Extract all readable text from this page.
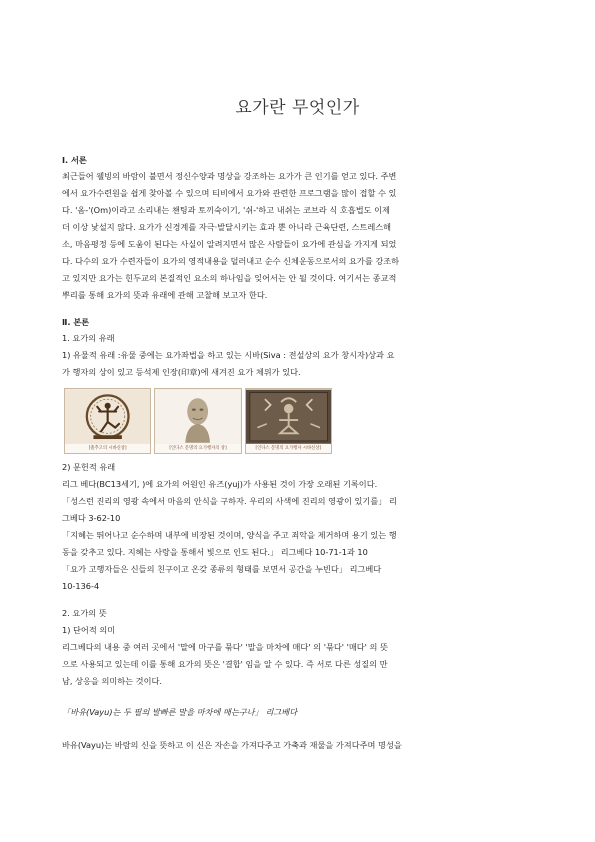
요가란 무엇인가
Ⅰ. 서론
최근들어 웰빙의 바람이 불면서 정신수양과 명상을 강조하는 요가가 큰 인기를 얻고 있다. 주변
에서 요가수련원을 쉽게 찾아볼 수 있으며 티비에서 요가와 관련한 프로그램을 많이 접할 수 있
다. '옴-'(Om)이라고 소리내는 챈팅과 토끼숙이기, '쉬-'하고 내쉬는 코브라 식 호흡법도 이제
더 이상 낯설지 않다. 요가가 신경계를 자극·발달시키는 효과 뿐 아니라 근육단련, 스트레스해
소, 마음평정 등에 도움이 된다는 사실이 알려지면서 많은 사람들이 요가에 관심을 가지게 되었
다. 다수의 요가 수련자들이 요가의 영적내용을 덜러내고 순수 신체운동으로서의 요가를 강조하
고 있지만 요가는 힌두교의 본질적인 요소의 하나임을 잊어서는 안 될 것이다. 여기서는 종교적
뿌리를 통해 요가의 뜻과 유래에 관해 고찰해 보고자 한다.
Ⅱ. 본론
1. 요가의 유래
1) 유물적 유래 :유물 중에는 요가좌법을 하고 있는 시바(Siva : 전설상의 요가 창시자)상과 요
가 행자의 상이 있고 등석제 인장(印章)에 새겨진 요가 체위가 있다.
[춤추고의 시바신상]	[인다스 문명의 요가행자의 상]	[인다스 문명의 요가행자 시바신상]
2) 문헌적 유래
리그 베다(BC13세기, )에 요가의 어원인 유즈(yuj)가 사용된 것이 가장 오래된 기록이다.
「성스런 진리의 영광 속에서 마음의 안식을 구하자. 우리의 사색에 진리의 영광이 있기를」 리
그베다 3-62-10
「지혜는 뛰어나고 순수하며 내부에 비장된 것이며, 양식을 주고 죄악을 제거하며 용기 있는 행
동을 갖추고 있다. 지혜는 사랑을 통해서 빛으로 인도 된다.」 리그베다 10-71-1과 10
「요가 고행자들은 신들의 친구이고 온갖 종류의 형태를 보면서 공간을 누빈다」 리그베다
10-136-4
2. 요가의 뜻
1) 단어적 의미
리그베다의 내용 중 여러 곳에서 '말에 마구를 묶다' '말을 마차에 매다' 의 '묶다' '매다' 의 뜻
으로 사용되고 있는데 이를 통해 요가의 뜻은 '결합' 임을 알 수 있다. 즉 서로 다른 성질의 만
남, 상응을 의미하는 것이다.
「바유(Vayu)는 두 필의 발빠른 말을 마차에 매는구나」 리그베다
바유(Vayu)는 바람의 신을 뜻하고 이 신은 자손을 가져다주고 가축과 재물을 가져다주며 명성을
